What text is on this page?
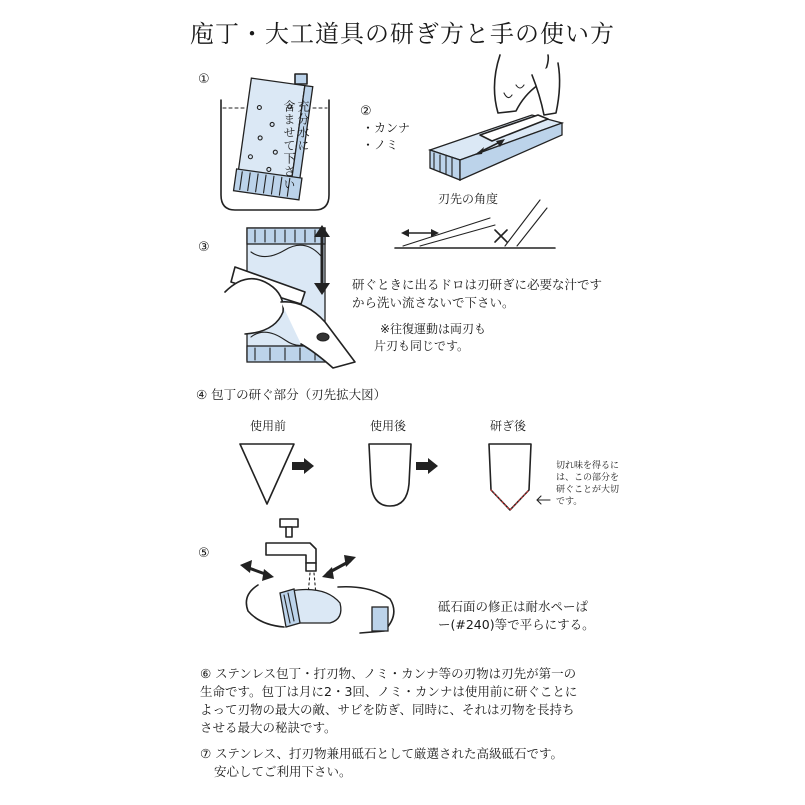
庖丁・大工道具の研ぎ方と手の使い方
①
充分水に
含ませて下さい	②
・カンナ
・ノミ
刃先の角度
③
研ぐときに出るドロは刃研ぎに必要な汁です
から洗い流さないで下さい。
※往復運動は両刃も
片刃も同じです。
④ 包丁の研ぐ部分（刃先拡大図）
使用前	使用後	研ぎ後
切れ味を得るに
は、この部分を
研ぐことが大切
です。
⑤
砥石面の修正は耐水ペーぱ
ー(#240)等で平らにする。
⑥ ステンレス包丁・打刃物、ノミ・カンナ等の刃物は刃先が第一の
生命です。包丁は月に2・3回、ノミ・カンナは使用前に研ぐことに
よって刃物の最大の敵、サビを防ぎ、同時に、それは刃物を長持ち
させる最大の秘訣です。
⑦ ステンレス、打刃物兼用砥石として厳選された高級砥石です。
安心してご利用下さい。
